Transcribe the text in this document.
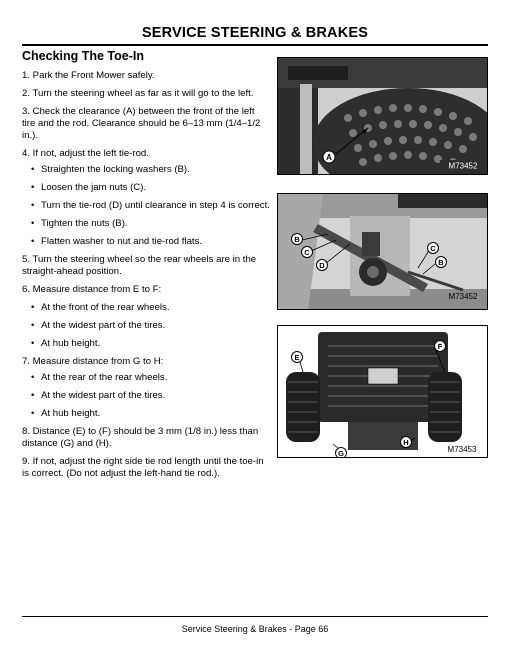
SERVICE STEERING & BRAKES
Checking The Toe-In

1. Park the Front Mower safely.

2. Turn the steering wheel as far as it will go to the left.

3. Check the clearance (A) between the front of the left tire and the rod. Clearance should be 6–13 mm (1/4–1/2 in.).

4. If not, adjust the left tie-rod.

• Straighten the locking washers (B).
• Loosen the jam nuts (C).
• Turn the tie-rod (D) until clearance in step 4 is correct.
• Tighten the nuts (B).
• Flatten washer to nut and tie-rod flats.

5. Turn the steering wheel so the rear wheels are in the straight-ahead position.

6. Measure distance from E to F:

• At the front of the rear wheels.
• At the widest part of the tires.
• At hub height.

7. Measure distance from G to H:

• At the rear of the rear wheels.
• At the widest part of the tires.
• At hub height.

8. Distance (E) to (F) should be 3 mm (1/8 in.) less than distance (G) and (H).

9. If not, adjust the right side tie rod length until the toe-in is correct. (Do not adjust the left-hand tie rod.).

A
M73452
B
C
D
C
B
M73452
E
F
G
H
M73453
Service Steering & Brakes - Page 66
